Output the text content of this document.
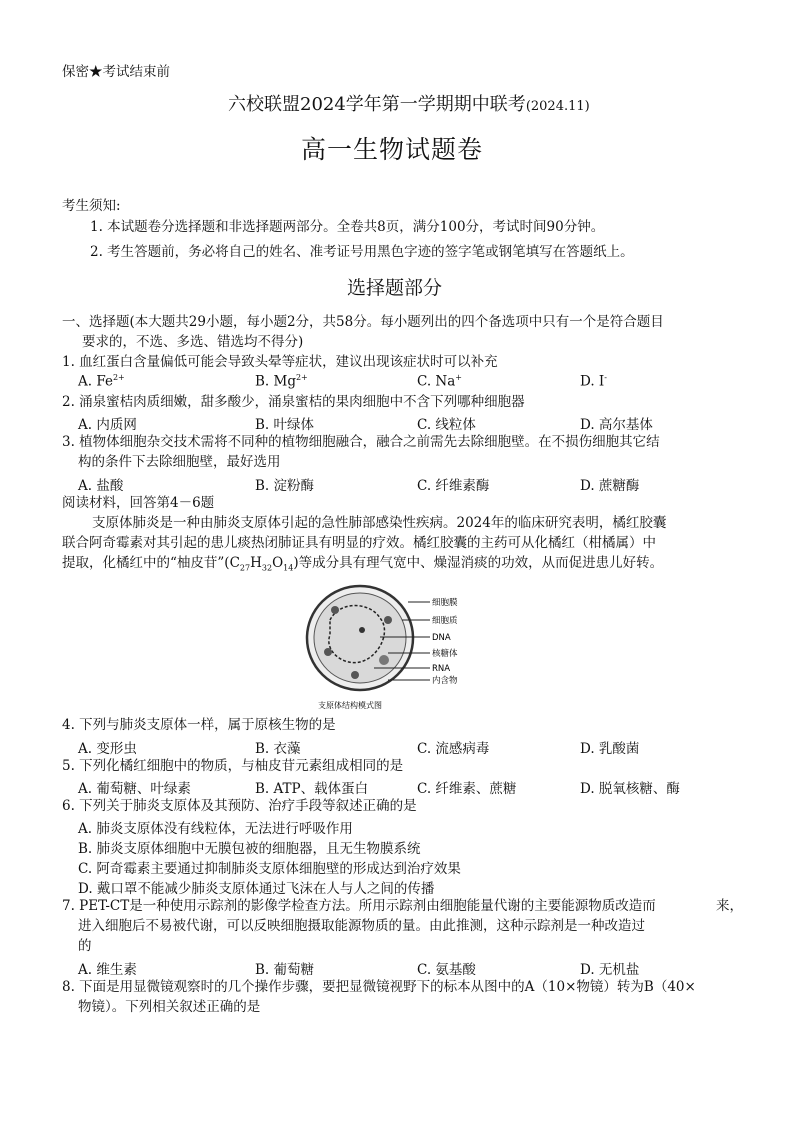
保密★考试结束前
六校联盟2024学年第一学期期中联考(2024.11)
高一生物试题卷
考生须知:
1. 本试题卷分选择题和非选择题两部分。全卷共8页，满分100分，考试时间90分钟。
2. 考生答题前，务必将自己的姓名、准考证号用黑色字迹的签字笔或钢笔填写在答题纸上。
选择题部分
一、选择题(本大题共29小题，每小题2分，共58分。每小题列出的四个备选项中只有一个是符合题目
要求的，不选、多选、错选均不得分)
1. 血红蛋白含量偏低可能会导致头晕等症状，建议出现该症状时可以补充
A. $Fe^{2+}$	B. $Mg^{2+}$	C. Na+	D. I-
2. 涌泉蜜桔肉质细嫩，甜多酸少，涌泉蜜桔的果肉细胞中不含下列哪种细胞器
A. 内质网	B. 叶绿体	C. 线粒体	D. 高尔基体
3. 植物体细胞杂交技术需将不同种的植物细胞融合，融合之前需先去除细胞壁。在不损伤细胞其它结
构的条件下去除细胞壁，最好选用
A. 盐酸	B. 淀粉酶	C. 纤维素酶	D. 蔗糖酶
阅读材料，回答第4－6题
支原体肺炎是一种由肺炎支原体引起的急性肺部感染性疾病。2024年的临床研究表明，橘红胶囊
联合阿奇霉素对其引起的患儿痰热闭肺证具有明显的疗效。橘红胶囊的主药可从化橘红（柑橘属）中
提取，化橘红中的“柚皮苷$”(C_{27}H_{32}O_{14})$等成分具有理气宽中、燥湿消痰的功效，从而促进患儿好转。
细胞膜
细胞质
DNA
核糖体
RNA
内含物
支原体结构模式图
4. 下列与肺炎支原体一样，属于原核生物的是
A. 变形虫	B. 衣藻	C. 流感病毒	D. 乳酸菌
5. 下列化橘红细胞中的物质，与柚皮苷元素组成相同的是
A. 葡萄糖、叶绿素	B. ATP、载体蛋白	C. 纤维素、蔗糖	D. 脱氧核糖、酶
6. 下列关于肺炎支原体及其预防、治疗手段等叙述正确的是
A. 肺炎支原体没有线粒体，无法进行呼吸作用
B. 肺炎支原体细胞中无膜包被的细胞器，且无生物膜系统
C. 阿奇霉素主要通过抑制肺炎支原体细胞壁的形成达到治疗效果
D. 戴口罩不能减少肺炎支原体通过飞沫在人与人之间的传播
7. PET-CT是一种使用示踪剂的影像学检查方法。所用示踪剂由细胞能量代谢的主要能源物质改造而	来，
进入细胞后不易被代谢，可以反映细胞摄取能源物质的量。由此推测，这种示踪剂是一种改造过
的
A. 维生素	B. 葡萄糖	C. 氨基酸	D. 无机盐
8. 下面是用显微镜观察时的几个操作步骤，要把显微镜视野下的标本从图中的A（10×物镜）转为B（40×
物镜）。下列相关叙述正确的是
